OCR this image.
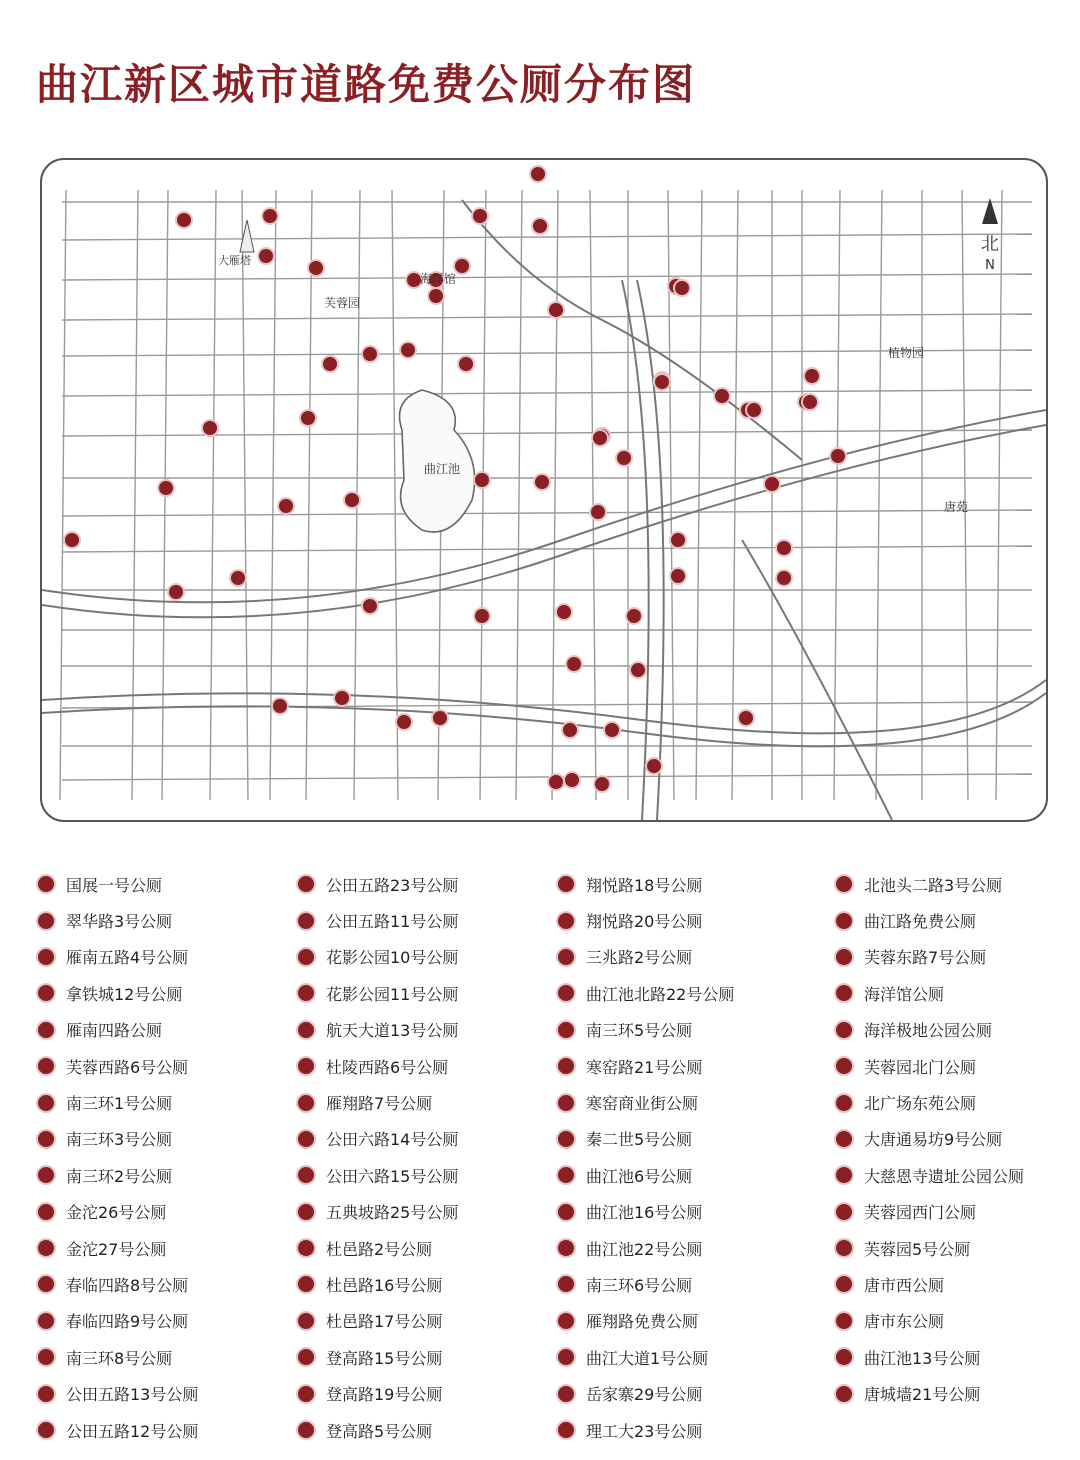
曲江新区城市道路免费公厕分布图
大雁塔
芙蓉园
海洋馆
曲江池
植物园
唐苑
北
N
国展一号公厕
翠华路3号公厕
雁南五路4号公厕
拿铁城12号公厕
雁南四路公厕
芙蓉西路6号公厕
南三环1号公厕
南三环3号公厕
南三环2号公厕
金沱26号公厕
金沱27号公厕
春临四路8号公厕
春临四路9号公厕
南三环8号公厕
公田五路13号公厕
公田五路12号公厕
公田五路23号公厕
公田五路11号公厕
花影公园10号公厕
花影公园11号公厕
航天大道13号公厕
杜陵西路6号公厕
雁翔路7号公厕
公田六路14号公厕
公田六路15号公厕
五典坡路25号公厕
杜邑路2号公厕
杜邑路16号公厕
杜邑路17号公厕
登高路15号公厕
登高路19号公厕
登高路5号公厕
翔悦路18号公厕
翔悦路20号公厕
三兆路2号公厕
曲江池北路22号公厕
南三环5号公厕
寒窑路21号公厕
寒窑商业街公厕
秦二世5号公厕
曲江池6号公厕
曲江池16号公厕
曲江池22号公厕
南三环6号公厕
雁翔路免费公厕
曲江大道1号公厕
岳家寨29号公厕
理工大23号公厕
北池头二路3号公厕
曲江路免费公厕
芙蓉东路7号公厕
海洋馆公厕
海洋极地公园公厕
芙蓉园北门公厕
北广场东苑公厕
大唐通易坊9号公厕
大慈恩寺遗址公园公厕
芙蓉园西门公厕
芙蓉园5号公厕
唐市西公厕
唐市东公厕
曲江池13号公厕
唐城墙21号公厕
